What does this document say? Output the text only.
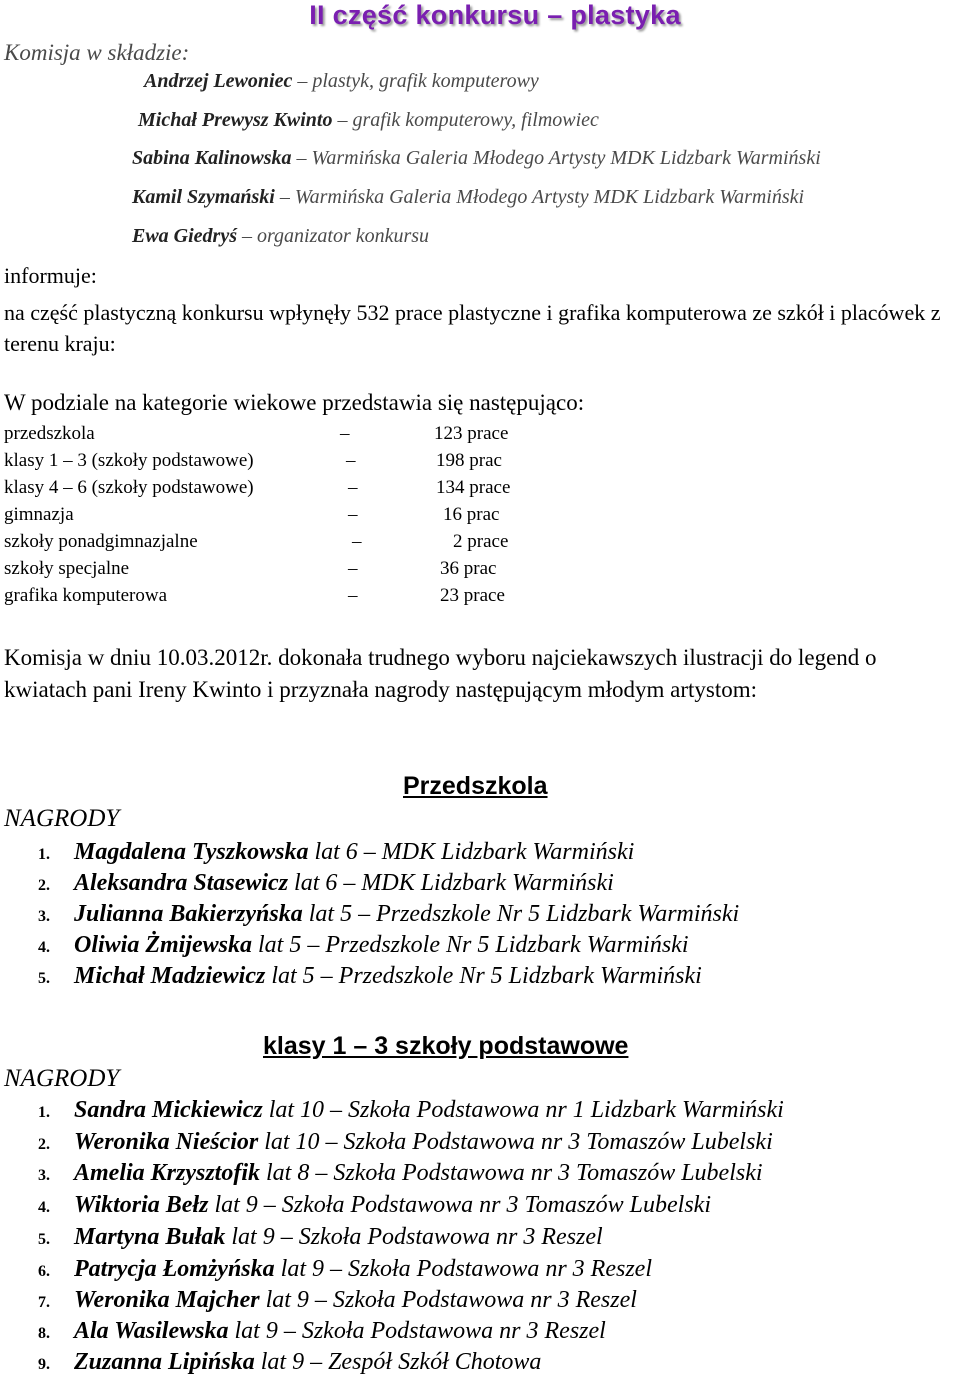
II część konkursu – plastyka
Komisja w składzie:
Andrzej Lewoniec – plastyk, grafik komputerowy
Michał Prewysz Kwinto – grafik komputerowy, filmowiec
Sabina Kalinowska – Warmińska Galeria Młodego Artysty MDK Lidzbark Warmiński
Kamil Szymański – Warmińska Galeria Młodego Artysty MDK Lidzbark Warmiński
Ewa Giedryś – organizator konkursu
informuje:

na część plastyczną konkursu wpłynęły 532 prace plastyczne i grafika komputerowa ze szkół i placówek z terenu kraju:

W podziale na kategorie wiekowe przedstawia się następująco:
przedszkola	–	123 prace
klasy 1 – 3 (szkoły podstawowe)	–	198 prac
klasy 4 – 6 (szkoły podstawowe)	–	134 prace
gimnazja	–	16 prac
szkoły ponadgimnazjalne	–	2 prace
szkoły specjalne	–	36 prac
grafika komputerowa	–	23 prace

Komisja w dniu 10.03.2012r. dokonała trudnego wyboru najciekawszych ilustracji do legend o kwiatach pani Ireny Kwinto i przyznała nagrody następującym młodym artystom:

Przedszkola
NAGRODY
1. Magdalena Tyszkowska lat 6 – MDK Lidzbark Warmiński
2. Aleksandra Stasewicz lat 6 – MDK Lidzbark Warmiński
3. Julianna Bakierzyńska lat 5 – Przedszkole Nr 5 Lidzbark Warmiński
4. Oliwia Żmijewska lat 5 – Przedszkole Nr 5 Lidzbark Warmiński
5. Michał Madziewicz lat 5 – Przedszkole Nr 5 Lidzbark Warmiński
klasy 1 – 3 szkoły podstawowe
NAGRODY
1. Sandra Mickiewicz lat 10 – Szkoła Podstawowa nr 1 Lidzbark Warmiński
2. Weronika Nieścior lat 10 – Szkoła Podstawowa nr 3 Tomaszów Lubelski
3. Amelia Krzysztofik lat 8 – Szkoła Podstawowa nr 3 Tomaszów Lubelski
4. Wiktoria Bełz lat 9 – Szkoła Podstawowa nr 3 Tomaszów Lubelski
5. Martyna Bułak lat 9 – Szkoła Podstawowa nr 3 Reszel
6. Patrycja Łomżyńska lat 9 – Szkoła Podstawowa nr 3 Reszel
7. Weronika Majcher lat 9 – Szkoła Podstawowa nr 3 Reszel
8. Ala Wasilewska lat 9 – Szkoła Podstawowa nr 3 Reszel
9. Zuzanna Lipińska lat 9 – Zespół Szkół Chotowa
